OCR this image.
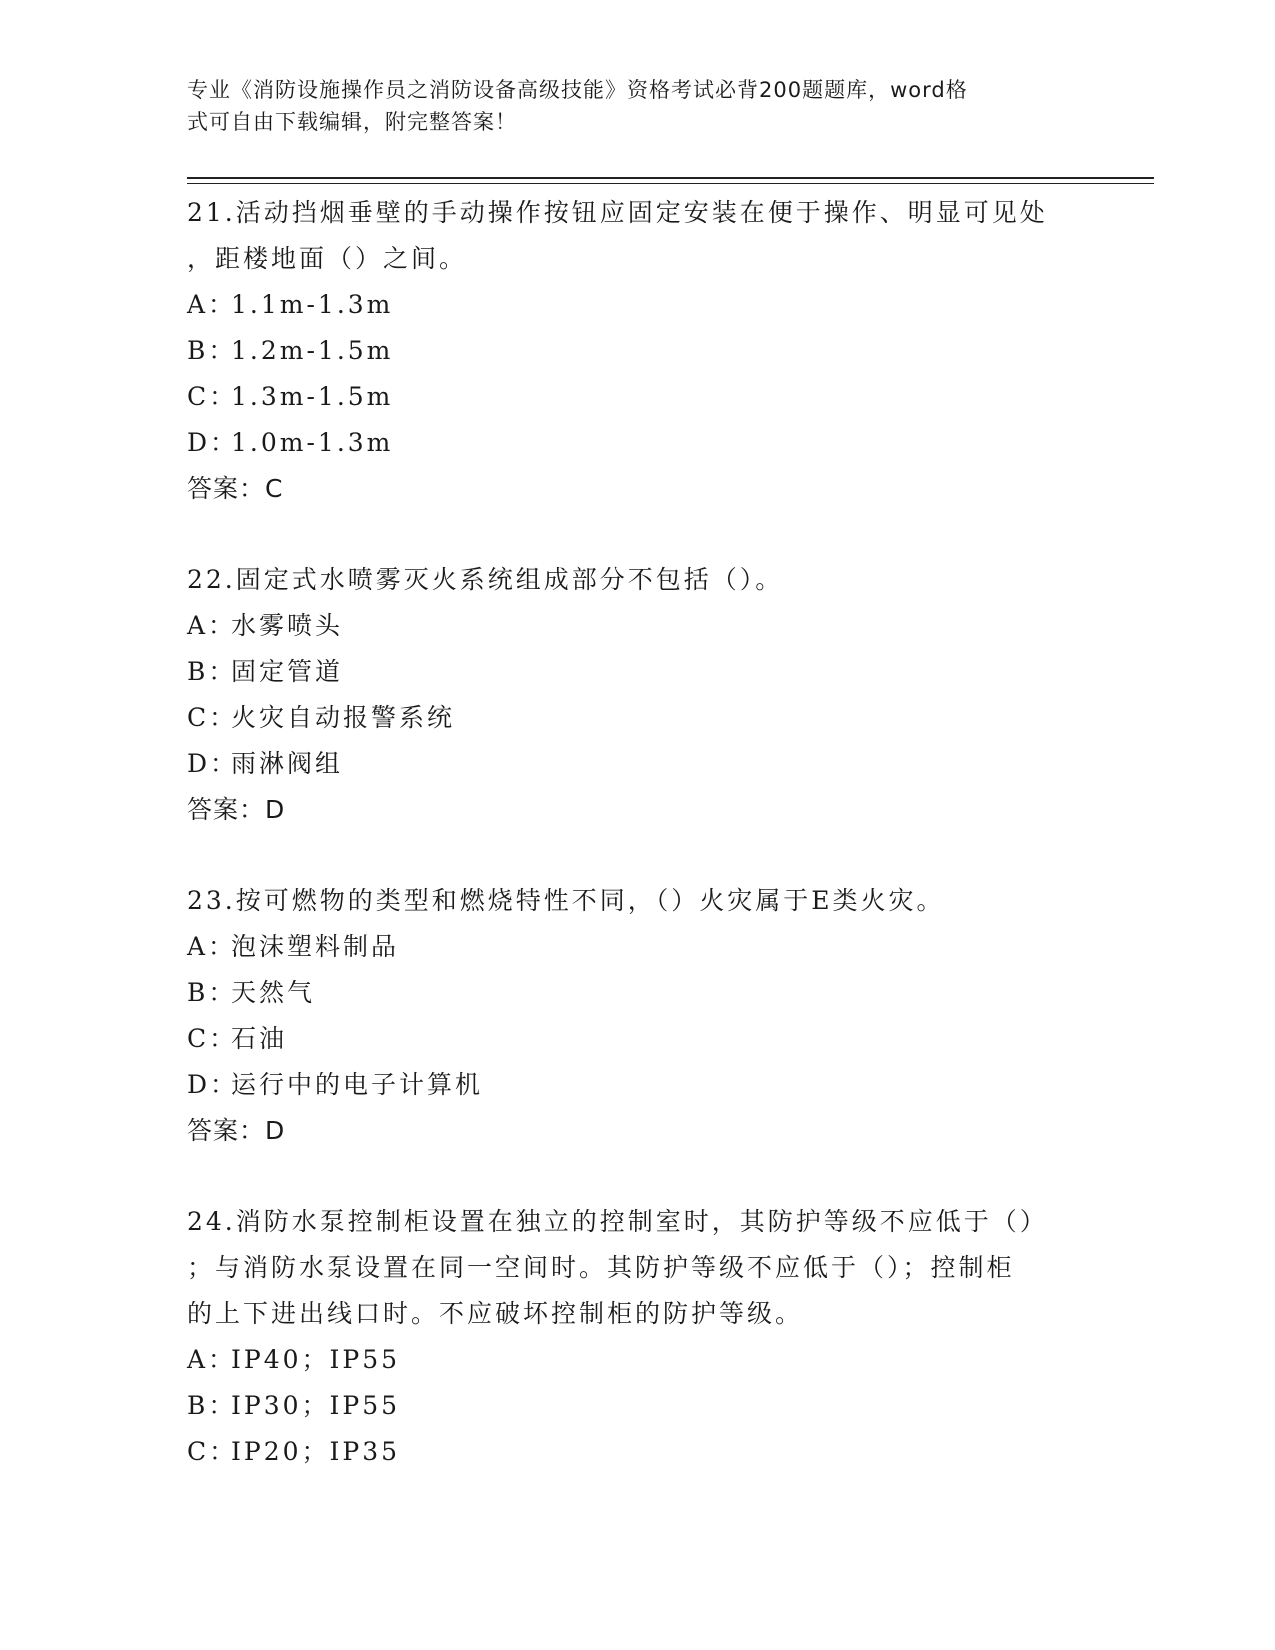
专业《消防设施操作员之消防设备高级技能》资格考试必背200题题库，word格
式可自由下载编辑，附完整答案！
21.活动挡烟垂壁的手动操作按钮应固定安装在便于操作、明显可见处
，距楼地面（）之间。
A：1.1m-1.3m
B：1.2m-1.5m
C：1.3m-1.5m
D：1.0m-1.3m
答案：C
22.固定式水喷雾灭火系统组成部分不包括（）。
A：水雾喷头
B：固定管道
C：火灾自动报警系统
D：雨淋阀组
答案：D
23.按可燃物的类型和燃烧特性不同，（）火灾属于E类火灾。
A：泡沫塑料制品
B：天然气
C：石油
D：运行中的电子计算机
答案：D
24.消防水泵控制柜设置在独立的控制室时，其防护等级不应低于（）
；与消防水泵设置在同一空间时。其防护等级不应低于（）；控制柜
的上下进出线口时。不应破坏控制柜的防护等级。
A：IP40；IP55
B：IP30；IP55
C：IP20；IP35
